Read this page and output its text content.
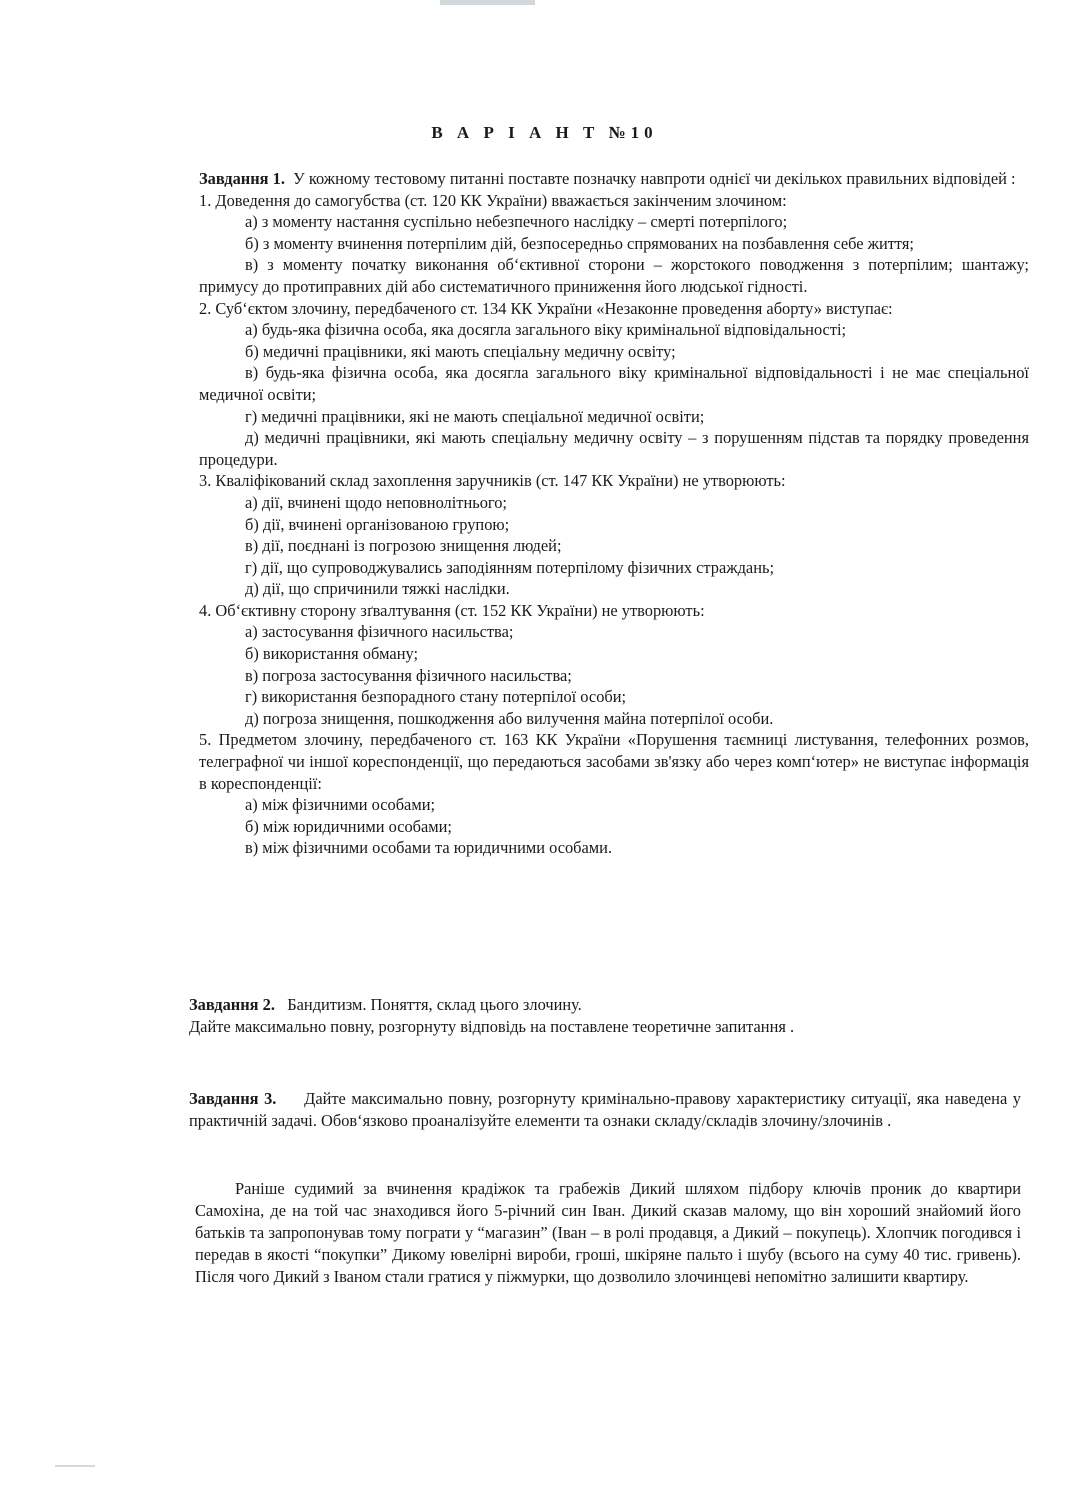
В А Р І А Н Т №10

Завдання 1. У кожному тестовому питанні поставте позначку навпроти однієї чи декількох правильних відповідей :

1. Доведення до самогубства (ст. 120 КК України) вважається закінченим злочином:

а) з моменту настання суспільно небезпечного наслідку – смерті потерпілого;

б) з моменту вчинення потерпілим дій, безпосередньо спрямованих на позбавлення себе життя;

в) з моменту початку виконання об‘єктивної сторони – жорстокого поводження з потерпілим; шантажу; примусу до протиправних дій або систематичного приниження його людської гідності.

2. Суб‘єктом злочину, передбаченого ст. 134 КК України «Незаконне проведення аборту» виступає:

а) будь-яка фізична особа, яка досягла загального віку кримінальної відповідальності;

б) медичні працівники, які мають спеціальну медичну освіту;

в) будь-яка фізична особа, яка досягла загального віку кримінальної відповідальності і не має спеціальної медичної освіти;

г) медичні працівники, які не мають спеціальної медичної освіти;

д) медичні працівники, які мають спеціальну медичну освіту – з порушенням підстав та порядку проведення процедури.

3. Кваліфікований склад захоплення заручників (ст. 147 КК України) не утворюють:

а) дії, вчинені щодо неповнолітнього;

б) дії, вчинені організованою групою;

в) дії, поєднані із погрозою знищення людей;

г) дії, що супроводжувались заподіянням потерпілому фізичних страждань;

д) дії, що спричинили тяжкі наслідки.

4. Об‘єктивну сторону зґвалтування (ст. 152 КК України) не утворюють:

а) застосування фізичного насильства;

б) використання обману;

в) погроза застосування фізичного насильства;

г) використання безпорадного стану потерпілої особи;

д) погроза знищення, пошкодження або вилучення майна потерпілої особи.

5. Предметом злочину, передбаченого ст. 163 КК України «Порушення таємниці листування, телефонних розмов, телеграфної чи іншої кореспонденції, що передаються засобами зв'язку або через комп‘ютер» не виступає інформація в кореспонденції:

а) між фізичними особами;

б) між юридичними особами;

в) між фізичними особами та юридичними особами.

Завдання 2. Бандитизм. Поняття, склад цього злочину.

Дайте максимально повну, розгорнуту відповідь на поставлене теоретичне запитання .

Завдання 3. Дайте максимально повну, розгорнуту кримінально-правову характеристику ситуації, яка наведена у практичній задачі. Обов‘язково проаналізуйте елементи та ознаки складу/складів злочину/злочинів .
Раніше судимий за вчинення крадіжок та грабежів Дикий шляхом підбору ключів проник до квартири Самохіна, де на той час знаходився його 5-річний син Іван. Дикий сказав малому, що він хороший знайомий його батьків та запропонував тому пограти у “магазин” (Іван – в ролі продавця, а Дикий – покупець). Хлопчик погодився і передав в якості “покупки” Дикому ювелірні вироби, гроші, шкіряне пальто і шубу (всього на суму 40 тис. гривень). Після чого Дикий з Іваном стали гратися у піжмурки, що дозволило злочинцеві непомітно залишити квартиру.
